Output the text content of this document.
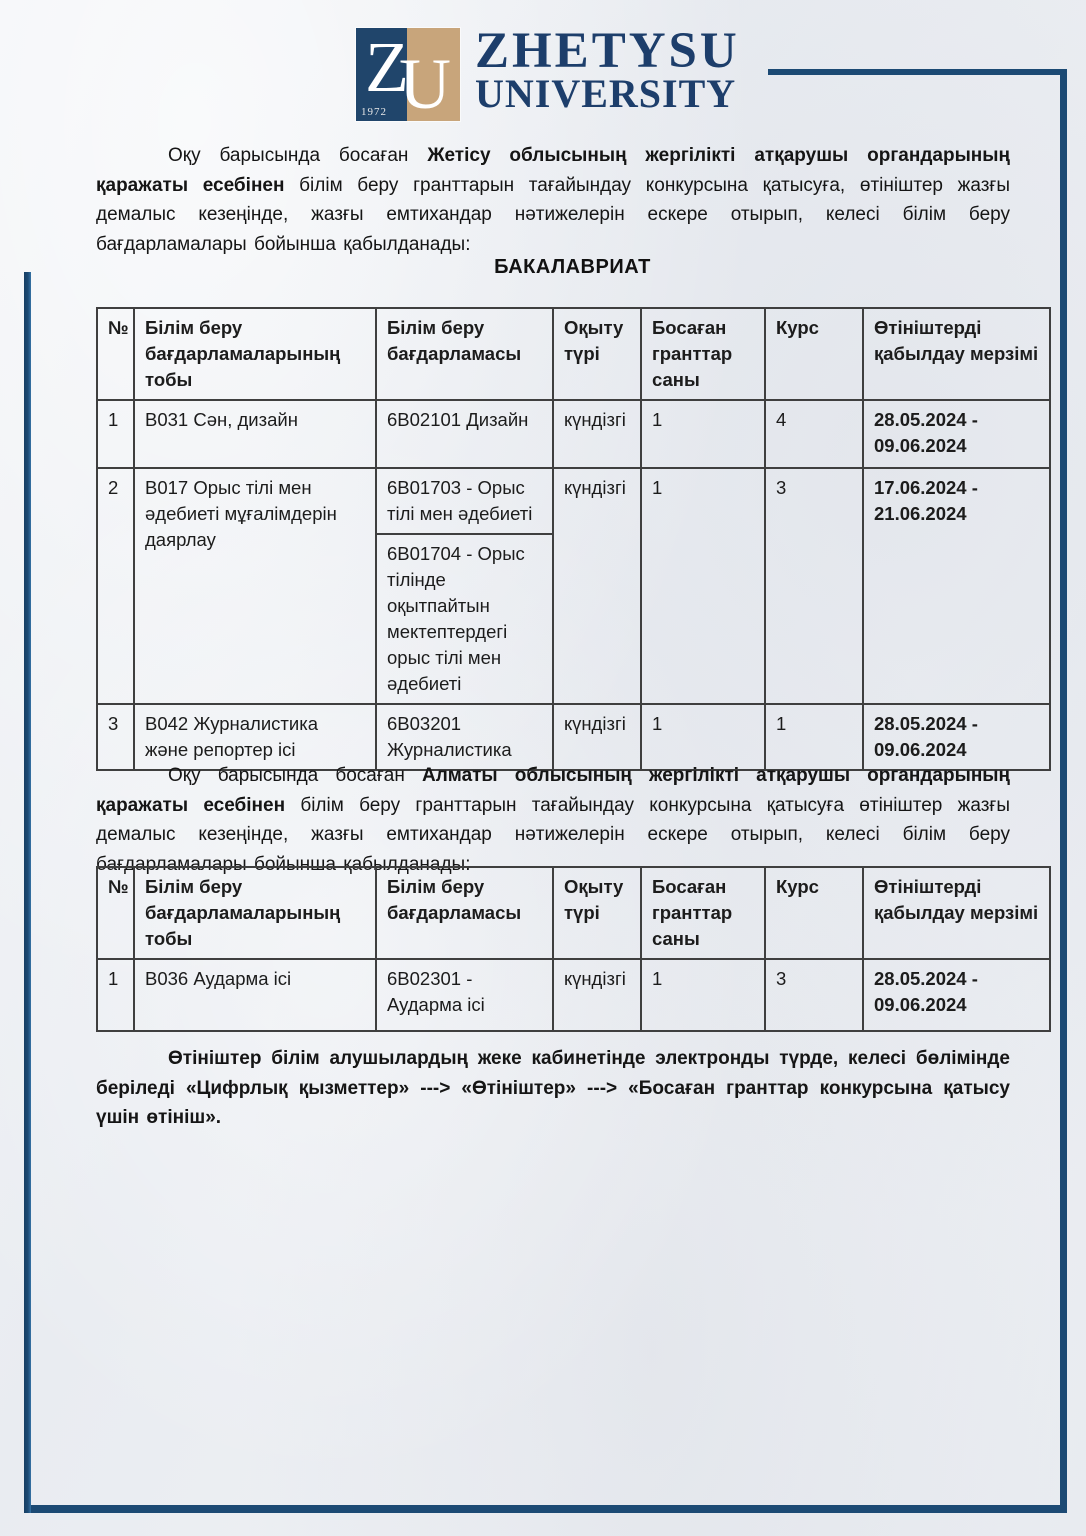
Z
U
1972
ZHETYSU
UNIVERSITY

Оқу барысында босаған Жетісу облысының жергілікті атқарушы органдарының қаражаты есебінен білім беру гранттарын тағайындау конкурсына қатысуға, өтініштер жазғы демалыс кезеңінде, жазғы емтихандар нәтижелерін ескере отырып, келесі білім беру бағдарламалары бойынша қабылданады:

БАКАЛАВРИАТ
№	Білім беру бағдарламаларының тобы	Білім беру бағдарламасы	Оқыту түрі	Босаған гранттар саны	Курс	Өтініштерді қабылдау мерзімі
1	В031 Сән, дизайн	6В02101 Дизайн	күндізгі	1	4	28.05.2024 - 09.06.2024
2	В017 Орыс тілі мен әдебиеті мұғалімдерін даярлау	6В01703 - Орыс тілі мен әдебиеті	күндізгі	1	3	17.06.2024 - 21.06.2024
		6В01704 - Орыс тілінде оқытпайтын мектептердегі орыс тілі мен әдебиеті				
3	В042 Журналистика және репортер ісі	6В03201 Журналистика	күндізгі	1	1	28.05.2024 - 09.06.2024

Оқу барысында босаған Алматы облысының жергілікті атқарушы органдарының қаражаты есебінен білім беру гранттарын тағайындау конкурсына қатысуға өтініштер жазғы демалыс кезеңінде, жазғы емтихандар нәтижелерін ескере отырып, келесі білім беру бағдарламалары бойынша қабылданады:

№	Білім беру бағдарламаларының тобы	Білім беру бағдарламасы	Оқыту түрі	Босаған гранттар саны	Курс	Өтініштерді қабылдау мерзімі
1	В036 Аударма ісі	6В02301 - Аударма ісі	күндізгі	1	3	28.05.2024 - 09.06.2024

Өтініштер білім алушылардың жеке кабинетінде электронды түрде, келесі бөлімінде беріледі «Цифрлық қызметтер» ---> «Өтініштер» ---> «Босаған гранттар конкурсына қатысу үшін өтініш».
